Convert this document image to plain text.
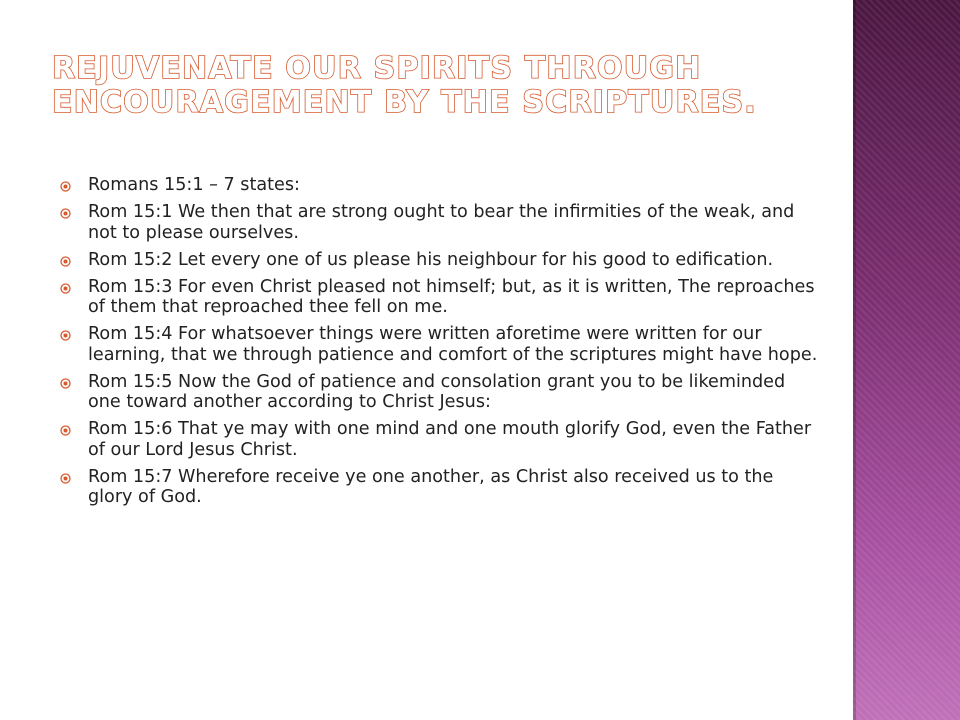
REJUVENATE OUR SPIRITS THROUGH
ENCOURAGEMENT BY THE SCRIPTURES.
Romans 15:1 – 7 states:
Rom 15:1 We then that are strong ought to bear the infirmities of the weak, and not to please ourselves.
Rom 15:2 Let every one of us please his neighbour for his good to edification.
Rom 15:3 For even Christ pleased not himself; but, as it is written, The reproaches of them that reproached thee fell on me.
Rom 15:4 For whatsoever things were written aforetime were written for our learning, that we through patience and comfort of the scriptures might have hope.
Rom 15:5 Now the God of patience and consolation grant you to be likeminded one toward another according to Christ Jesus:
Rom 15:6 That ye may with one mind and one mouth glorify God, even the Father of our Lord Jesus Christ.
Rom 15:7 Wherefore receive ye one another, as Christ also received us to the glory of God.
